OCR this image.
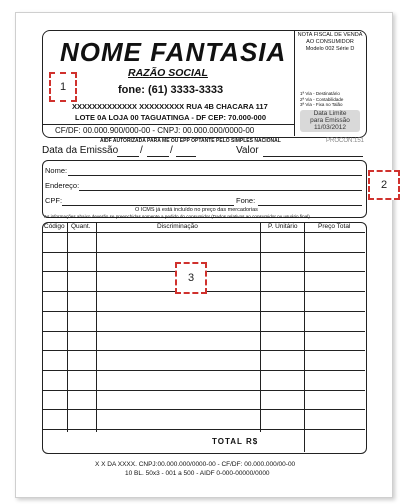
NOME FANTASIA
RAZÃO SOCIAL
fone: (61) 3333-3333
XXXXXXXXXXXXX XXXXXXXXX RUA 4B CHACARA 117
LOTE 0A LOJA 00 TAGUATINGA - DF CEP: 70.000-000
CF/DF: 00.000.900/000-00 - CNPJ: 00.000.000/0000-00
NOTA FISCAL DE VENDA
AO CONSUMIDOR
Modelo 002 Série D
1ª Via - Destinatário
2ª Via - Contabilidade
3ª Via - Fixa no Talão
Data Limite
para Emissão
11/03/2012
AIDF AUTORIZADA PARA ME OU EPP OPTANTE PELO SIMPLES NACIONAL	PROCON:151
Data da Emissão /	/	Valor
Nome:
Endereço:
CPF:	Fone:
O ICMS já está incluído no preço das mercadorias
As informações abaixo deverão se preenchidas somente a pedido do consumidor (Dados relativos ao consumidor ou usuário final)
Código Quant.	Discriminação	P. Unitário	Preço Total
TOTAL R$
X X DA XXXX. CNPJ:00.000.000/0000-00 - CF/DF: 00.000.000/00-00
10 BL. 50x3 - 001 a 500 - AIDF 0-000-00000/0000
1
2
3
